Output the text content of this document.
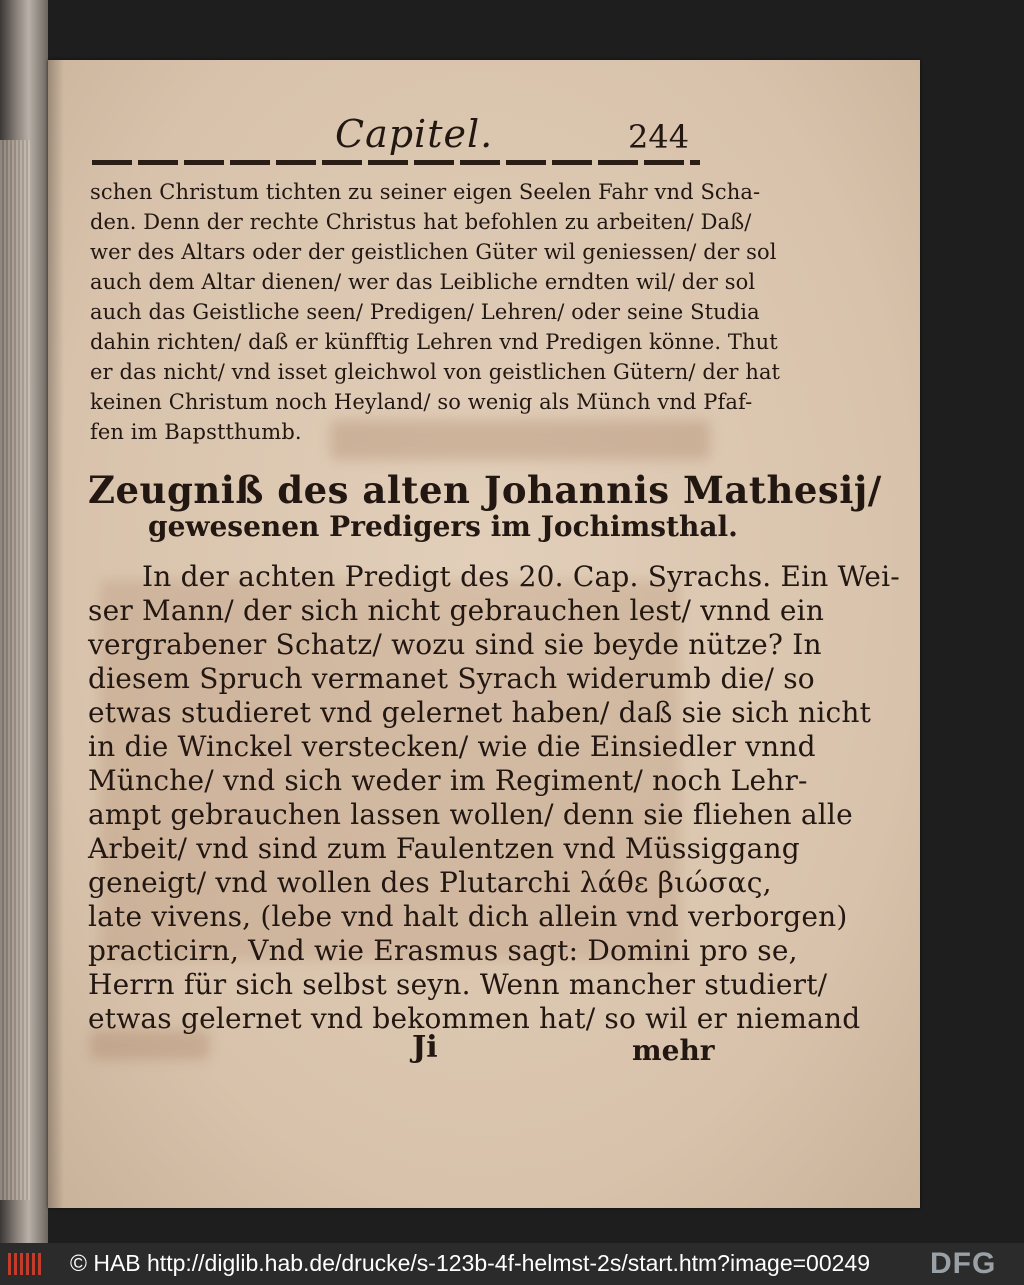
Capitel.	244
schen Christum tichten zu seiner eigen Seelen Fahr vnd Scha-
den. Denn der rechte Christus hat befohlen zu arbeiten/ Daß/
wer des Altars oder der geistlichen Güter wil geniessen/ der sol
auch dem Altar dienen/ wer das Leibliche erndten wil/ der sol
auch das Geistliche seen/ Predigen/ Lehren/ oder seine Studia
dahin richten/ daß er künfftig Lehren vnd Predigen könne. Thut
er das nicht/ vnd isset gleichwol von geistlichen Gütern/ der hat
keinen Christum noch Heyland/ so wenig als Münch vnd Pfaf-
fen im Bapstthumb.
Zeugniß des alten Johannis Mathesij/
gewesenen Predigers im Jochimsthal.
In der achten Predigt des 20. Cap. Syrachs. Ein Wei-
ser Mann/ der sich nicht gebrauchen lest/ vnnd ein
vergrabener Schatz/ wozu sind sie beyde nütze? In
diesem Spruch vermanet Syrach widerumb die/ so
etwas studieret vnd gelernet haben/ daß sie sich nicht
in die Winckel verstecken/ wie die Einsiedler vnnd
Münche/ vnd sich weder im Regiment/ noch Lehr-
ampt gebrauchen lassen wollen/ denn sie fliehen alle
Arbeit/ vnd sind zum Faulentzen vnd Müssiggang
geneigt/ vnd wollen des Plutarchi λάθε βιώσας,
late vivens, (lebe vnd halt dich allein vnd verborgen)
practicirn, Vnd wie Erasmus sagt: Domini pro se,
Herrn für sich selbst seyn. Wenn mancher studiert/
etwas gelernet vnd bekommen hat/ so wil er niemand
Ji	mehr
© HAB http://diglib.hab.de/drucke/s-123b-4f-helmst-2s/start.htm?image=00249 DFG
